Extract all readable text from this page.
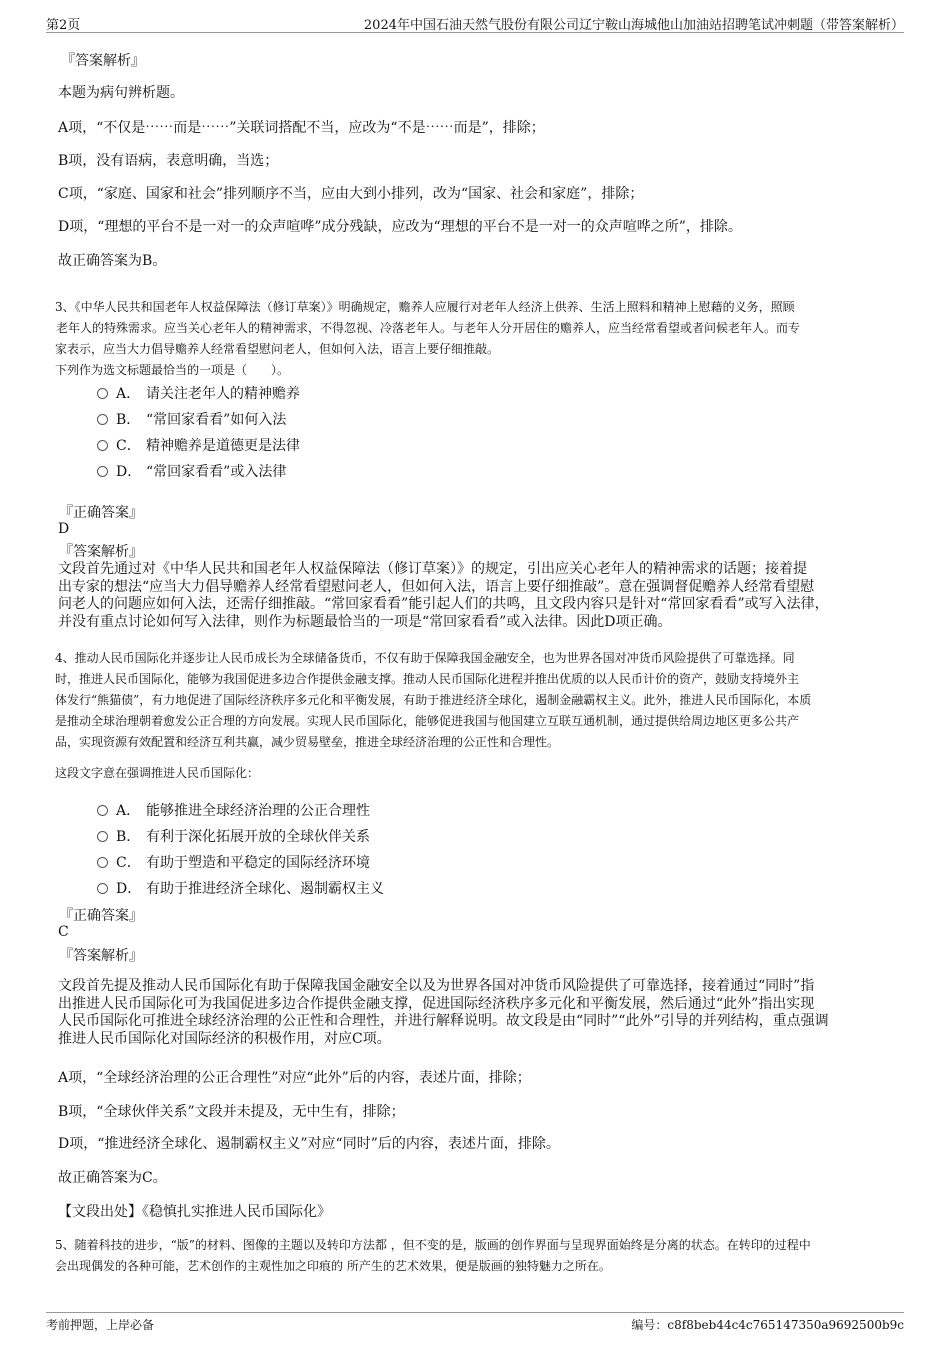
第2页	2024年中国石油天然气股份有限公司辽宁鞍山海城他山加油站招聘笔试冲刺题（带答案解析）
『答案解析』
本题为病句辨析题。
A项，“不仅是⋯⋯而是⋯⋯”关联词搭配不当，应改为“不是⋯⋯而是”，排除；
B项，没有语病，表意明确，当选；
C项，“家庭、国家和社会”排列顺序不当，应由大到小排列，改为“国家、社会和家庭”，排除；
D项，“理想的平台不是一对一的众声喧哗”成分残缺，应改为“理想的平台不是一对一的众声喧哗之所”，排除。
故正确答案为B。

3、《中华人民共和国老年人权益保障法（修订草案）》明确规定，赡养人应履行对老年人经济上供养、生活上照料和精神上慰藉的义务，照顾

老年人的特殊需求。应当关心老年人的精神需求，不得忽视、冷落老年人。与老年人分开居住的赡养人，应当经常看望或者问候老年人。而专

家表示，应当大力倡导赡养人经常看望慰问老人，但如何入法，语言上要仔细推敲。

下列作为选文标题最恰当的一项是（　　）。

A． 请关注老年人的精神赡养
B． “常回家看看”如何入法
C． 精神赡养是道德更是法律
D． “常回家看看”或入法律
『正确答案』
D
『答案解析』

文段首先通过对《中华人民共和国老年人权益保障法（修订草案）》的规定，引出应关心老年人的精神需求的话题；接着提

出专家的想法“应当大力倡导赡养人经常看望慰问老人，但如何入法，语言上要仔细推敲”。意在强调督促赡养人经常看望慰

问老人的问题应如何入法，还需仔细推敲。“常回家看看”能引起人们的共鸣，且文段内容只是针对“常回家看看”或写入法律，

并没有重点讨论如何写入法律，则作为标题最恰当的一项是“常回家看看”或入法律。因此D项正确。

4、推动人民币国际化并逐步让人民币成长为全球储备货币，不仅有助于保障我国金融安全，也为世界各国对冲货币风险提供了可靠选择。同

时，推进人民币国际化，能够为我国促进多边合作提供金融支撑。推动人民币国际化进程并推出优质的以人民币计价的资产，鼓励支持境外主

体发行“熊猫债”，有力地促进了国际经济秩序多元化和平衡发展，有助于推进经济全球化，遏制金融霸权主义。此外，推进人民币国际化，本质

是推动全球治理朝着愈发公正合理的方向发展。实现人民币国际化，能够促进我国与他国建立互联互通机制，通过提供给周边地区更多公共产

品，实现资源有效配置和经济互利共赢，减少贸易壁垒，推进全球经济治理的公正性和合理性。

这段文字意在强调推进人民币国际化：
A． 能够推进全球经济治理的公正合理性
B． 有利于深化拓展开放的全球伙伴关系
C． 有助于塑造和平稳定的国际经济环境
D． 有助于推进经济全球化、遏制霸权主义
『正确答案』
C
『答案解析』

文段首先提及推动人民币国际化有助于保障我国金融安全以及为世界各国对冲货币风险提供了可靠选择，接着通过“同时”指

出推进人民币国际化可为我国促进多边合作提供金融支撑，促进国际经济秩序多元化和平衡发展，然后通过“此外”指出实现

人民币国际化可推进全球经济治理的公正性和合理性，并进行解释说明。故文段是由“同时”“此外”引导的并列结构，重点强调

推进人民币国际化对国际经济的积极作用，对应C项。

A项，“全球经济治理的公正合理性”对应“此外”后的内容，表述片面，排除；
B项，“全球伙伴关系”文段并未提及，无中生有，排除；
D项，“推进经济全球化、遏制霸权主义”对应“同时”后的内容，表述片面，排除。
故正确答案为C。
【文段出处】《稳慎扎实推进人民币国际化》

5、随着科技的进步，“版”的材料、图像的主题以及转印方法都 ，但不变的是，版画的创作界面与呈现界面始终是分离的状态。在转印的过程中

会出现偶发的各种可能，艺术创作的主观性加之印痕的 所产生的艺术效果，便是版画的独特魅力之所在。

考前押题，上岸必备	编号：c8f8beb44c4c765147350a9692500b9c
